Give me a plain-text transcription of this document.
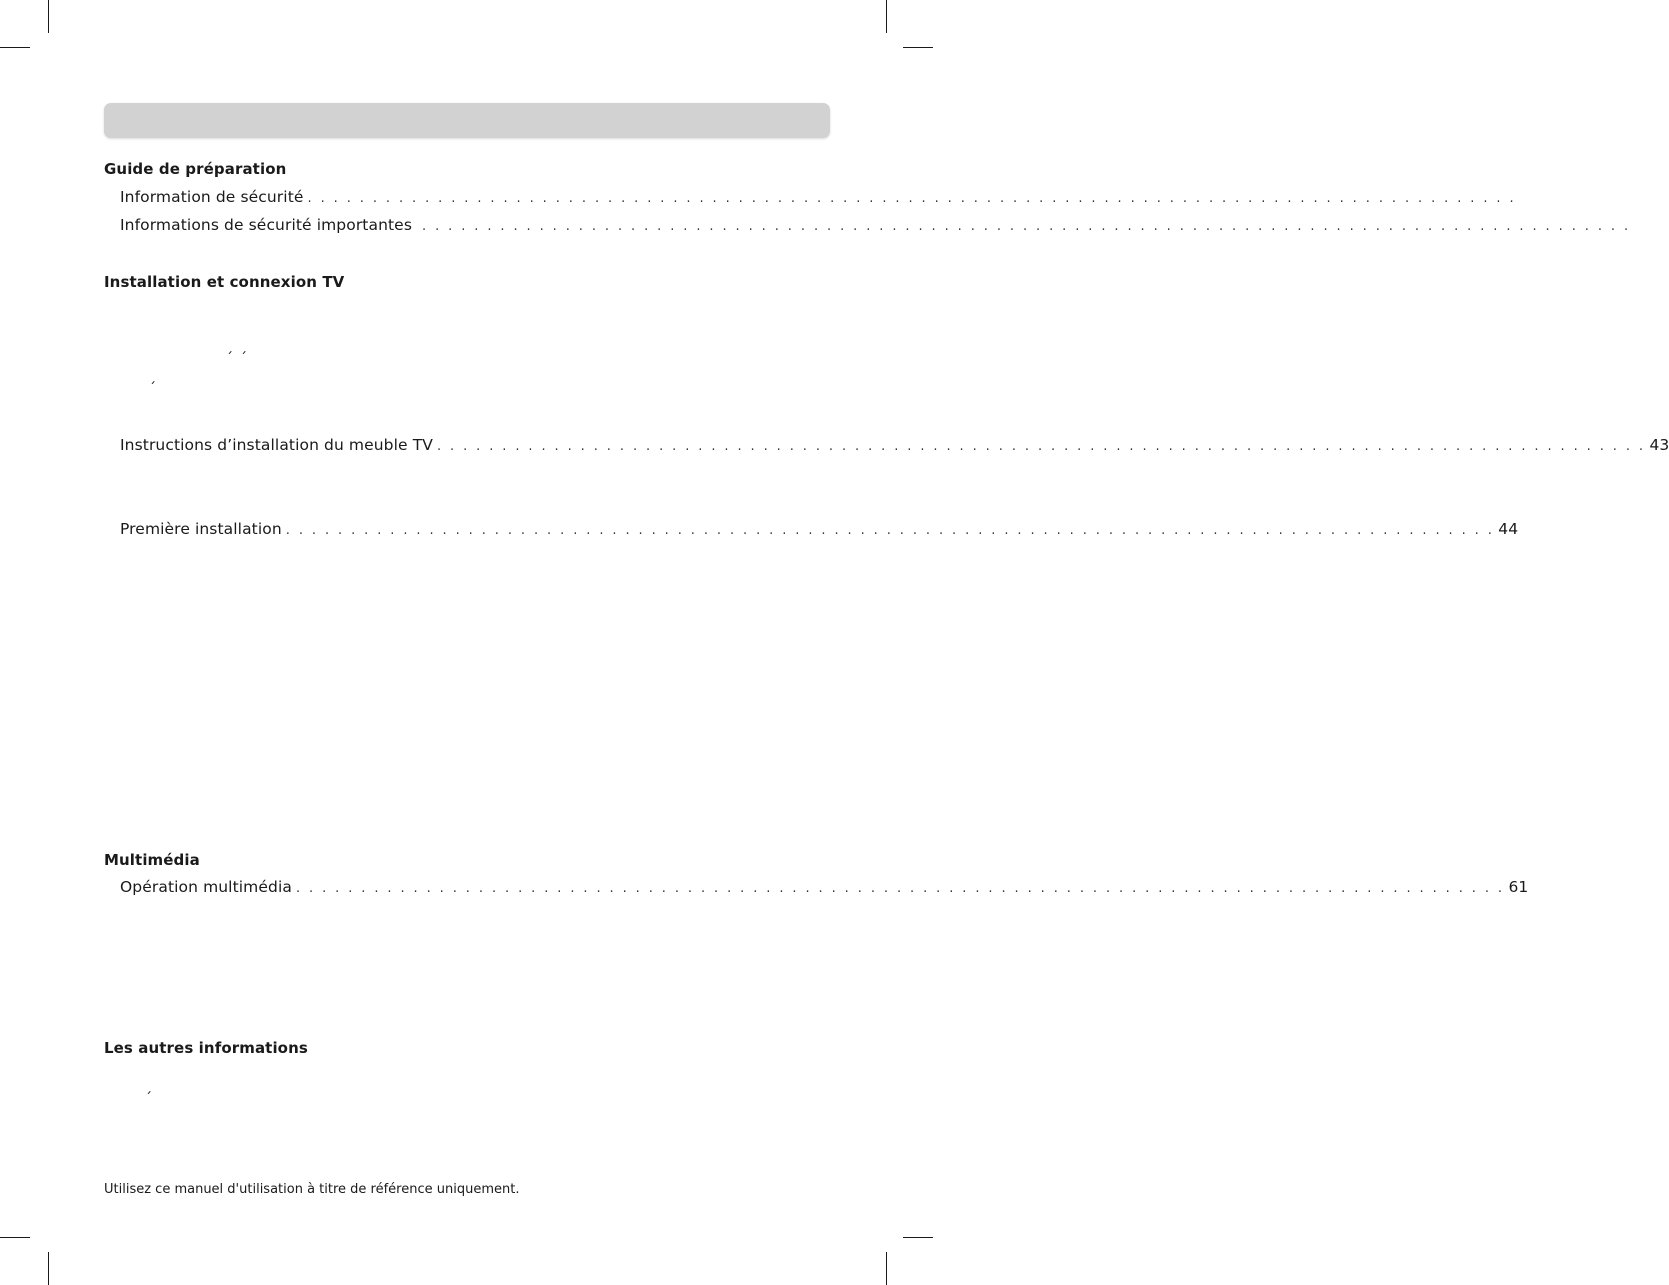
Guide de préparation
Information de sécurité . . . . . . . . . . . . . . . . . . . . . . . . . . . . . . . . . . . . . . . . . . . . . . . . . . . . . . . . . . . . . . . . . . . . . . . . . . . . . . . . . . . . . . . . . . . . .
Informations de sécurité importantes . . . . . . . . . . . . . . . . . . . . . . . . . . . . . . . . . . . . . . . . . . . . . . . . . . . . . . . . . . . . . . . . . . . . . . . . . . . . . . . . . . . . . . . . . . . . .
Installation et connexion TV
´ ´
´
Instructions d’installation du meuble TV . . . . . . . . . . . . . . . . . . . . . . . . . . . . . . . . . . . . . . . . . . . . . . . . . . . . . . . . . . . . . . . . . . . . . . . . . . . . . . . . . . . . . . . . . . . . . 43
Première installation . . . . . . . . . . . . . . . . . . . . . . . . . . . . . . . . . . . . . . . . . . . . . . . . . . . . . . . . . . . . . . . . . . . . . . . . . . . . . . . . . . . . . . . . . . . . . 44
Multimédia
Opération multimédia . . . . . . . . . . . . . . . . . . . . . . . . . . . . . . . . . . . . . . . . . . . . . . . . . . . . . . . . . . . . . . . . . . . . . . . . . . . . . . . . . . . . . . . . . . . . . 61
Les autres informations
´
Utilisez ce manuel d'utilisation à titre de référence uniquement.
